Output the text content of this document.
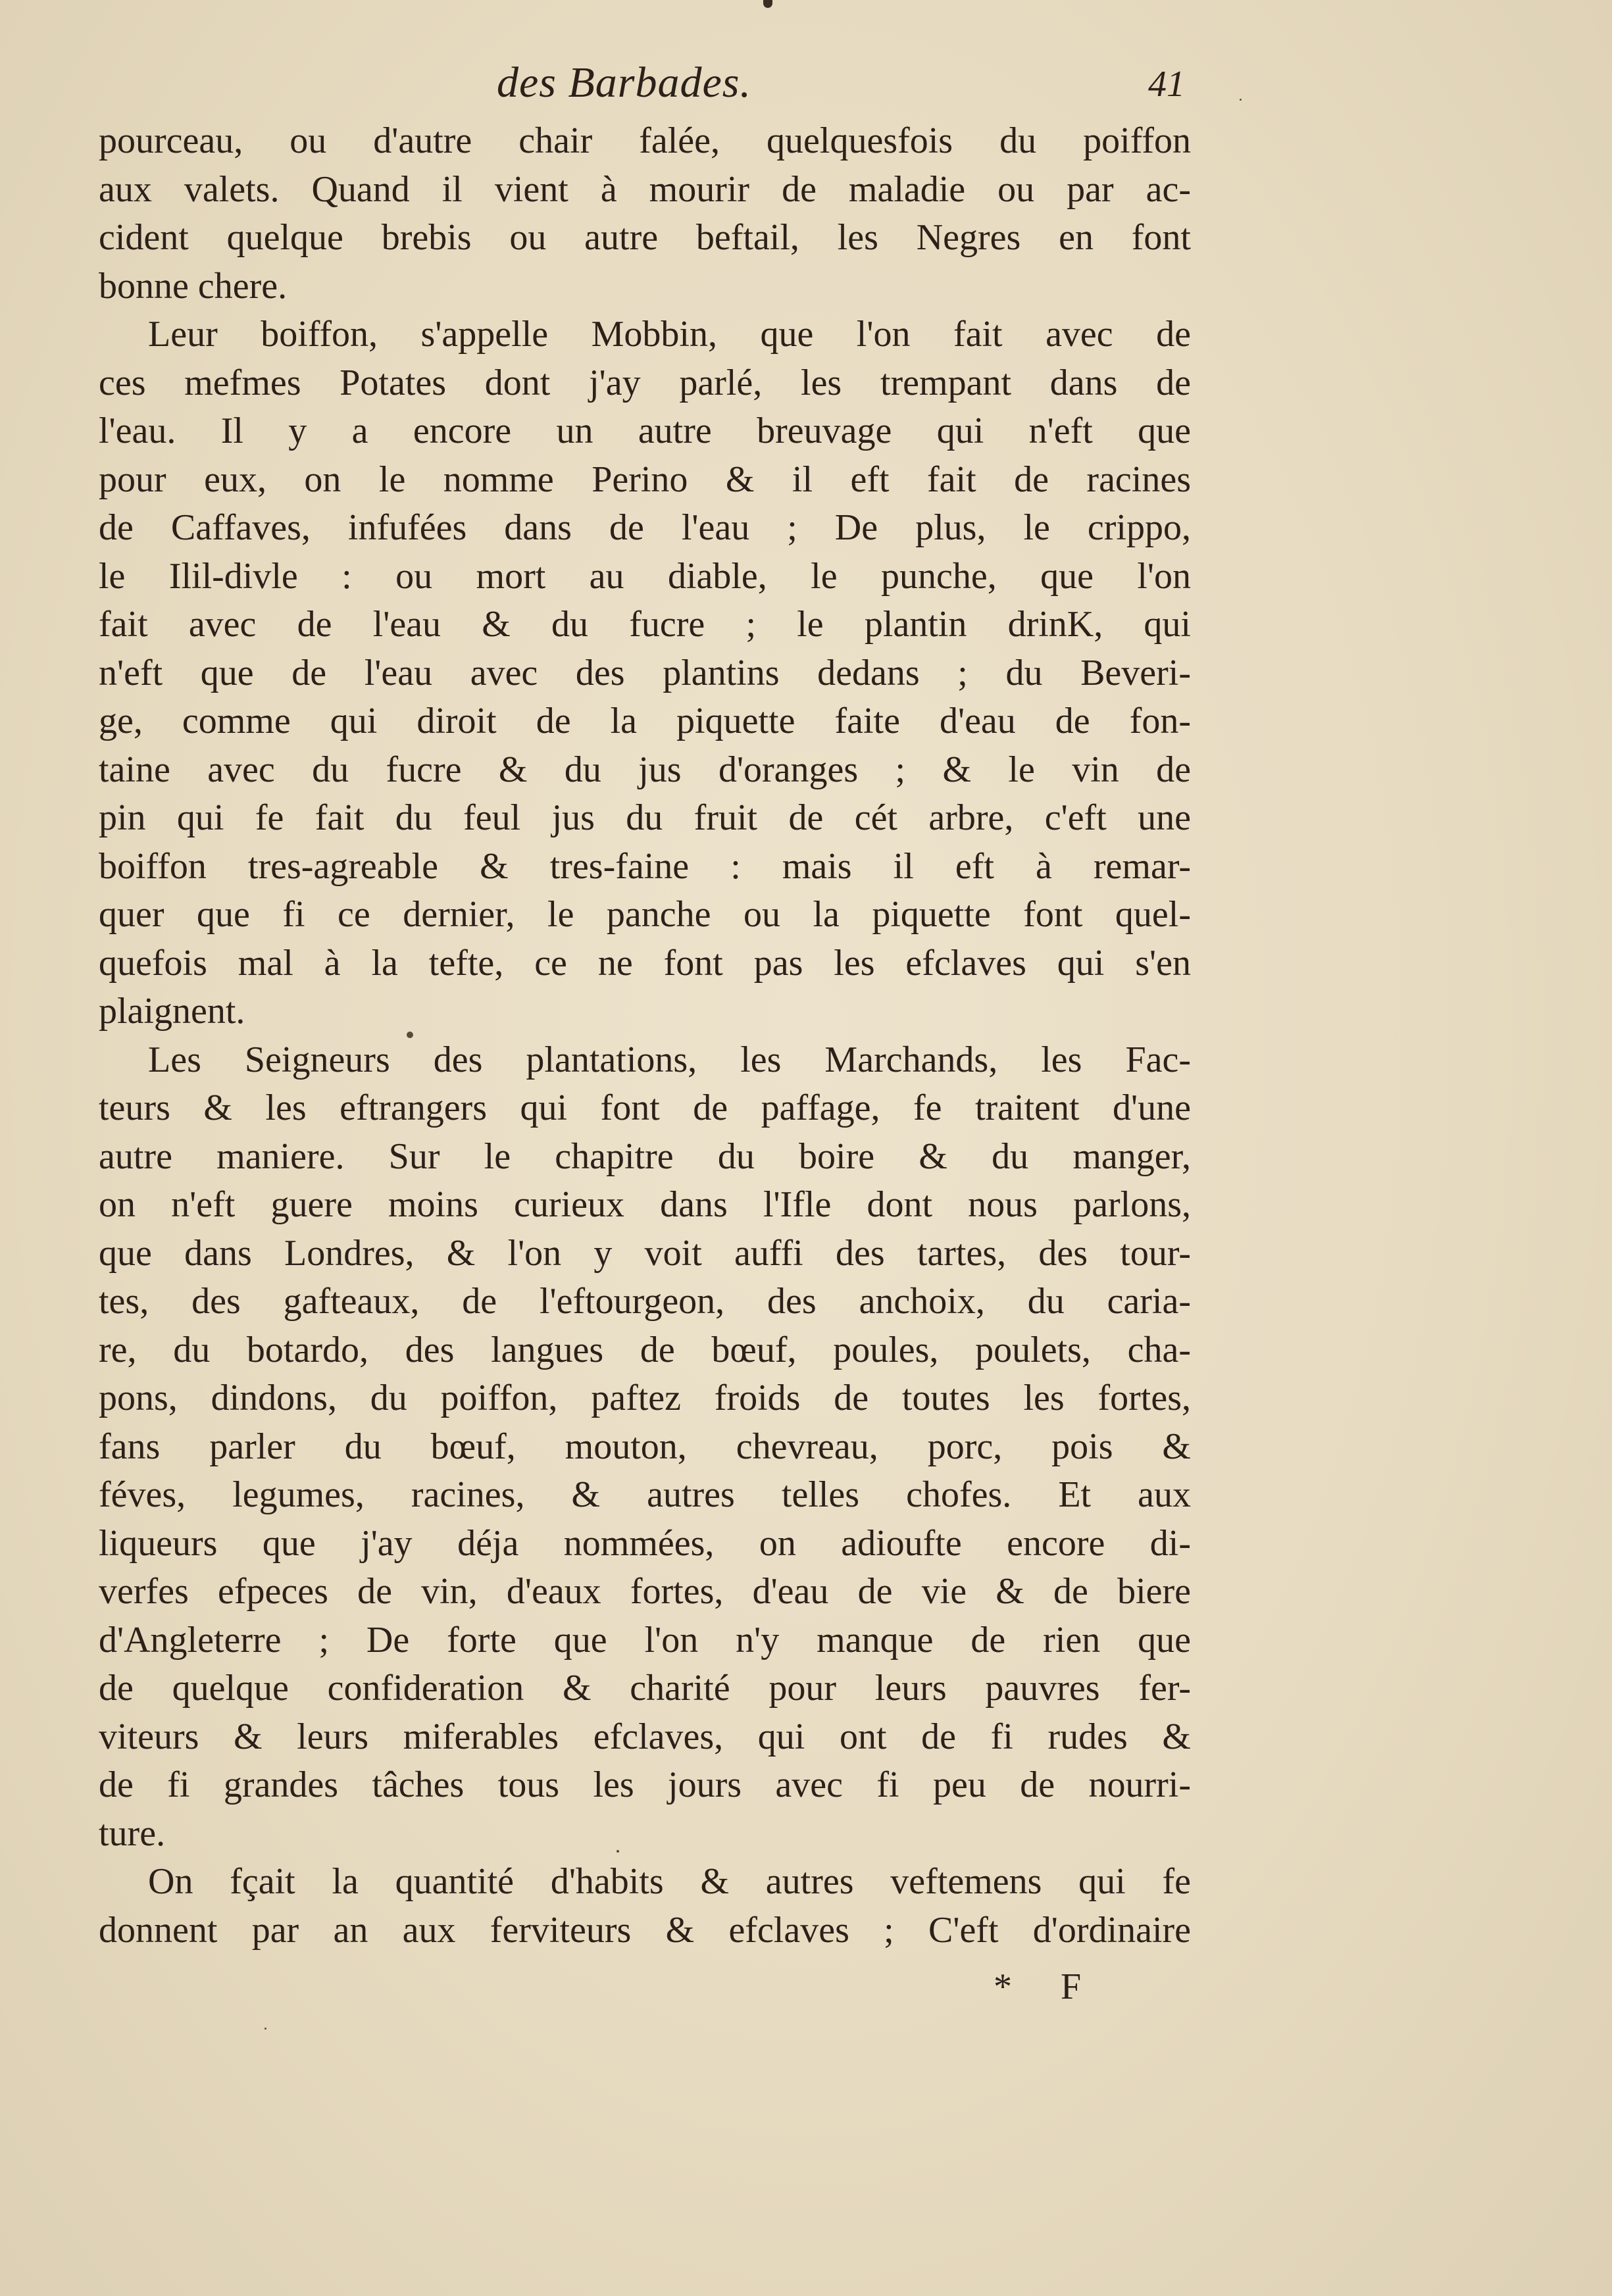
des Barbades.	41
pourceau, ou d'autre chair falée, quelquesfois du poiffon
aux valets. Quand il vient à mourir de maladie ou par ac-
cident quelque brebis ou autre beftail, les Negres en font
bonne chere.
Leur boiffon, s'appelle Mobbin, que l'on fait avec de
ces mefmes Potates dont j'ay parlé, les trempant dans de
l'eau. Il y a encore un autre breuvage qui n'eft que
pour eux, on le nomme Perino & il eft fait de racines
de Caffaves, infufées dans de l'eau ; De plus, le crippo,
le Ilil-divle : ou mort au diable, le punche, que l'on
fait avec de l'eau & du fucre ; le plantin drinK, qui
n'eft que de l'eau avec des plantins dedans ; du Beveri-
ge, comme qui diroit de la piquette faite d'eau de fon-
taine avec du fucre & du jus d'oranges ; & le vin de
pin qui fe fait du feul jus du fruit de cét arbre, c'eft une
boiffon tres-agreable & tres-faine : mais il eft à remar-
quer que fi ce dernier, le panche ou la piquette font quel-
quefois mal à la tefte, ce ne font pas les efclaves qui s'en
plaignent.
Les Seigneurs des plantations, les Marchands, les Fac-
teurs & les eftrangers qui font de paffage, fe traitent d'une
autre maniere. Sur le chapitre du boire & du manger,
on n'eft guere moins curieux dans l'Ifle dont nous parlons,
que dans Londres, & l'on y voit auffi des tartes, des tour-
tes, des gafteaux, de l'eftourgeon, des anchoix, du caria-
re, du botardo, des langues de bœuf, poules, poulets, cha-
pons, dindons, du poiffon, paftez froids de toutes les fortes,
fans parler du bœuf, mouton, chevreau, porc, pois &
féves, legumes, racines, & autres telles chofes. Et aux
liqueurs que j'ay déja nommées, on adioufte encore di-
verfes efpeces de vin, d'eaux fortes, d'eau de vie & de biere
d'Angleterre ; De forte que l'on n'y manque de rien que
de quelque confideration & charité pour leurs pauvres fer-
viteurs & leurs miferables efclaves, qui ont de fi rudes &
de fi grandes tâches tous les jours avec fi peu de nourri-
ture.
On fçait la quantité d'habits & autres veftemens qui fe
donnent par an aux ferviteurs & efclaves ; C'eft d'ordinaire
* F
